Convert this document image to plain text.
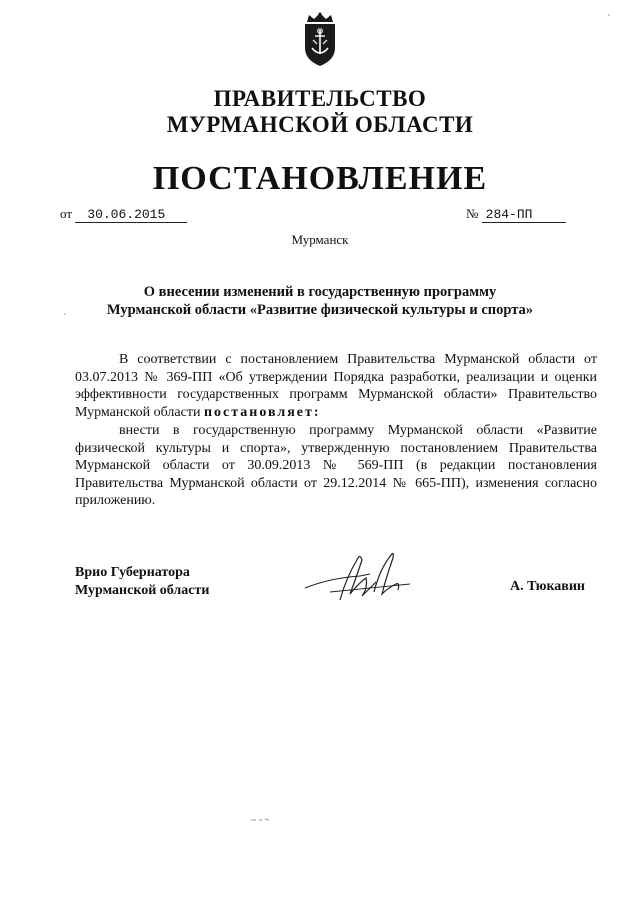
ПРАВИТЕЛЬСТВО
МУРМАНСКОЙ ОБЛАСТИ
ПОСТАНОВЛЕНИЕ
от 30.06.2015	№ 284-ПП
Мурманск
О внесении изменений в государственную программу
Мурманской области «Развитие физической культуры и спорта»
В соответствии с постановлением Правительства Мурманской области от 03.07.2013 № 369-ПП «Об утверждении Порядка разработки, реализации и оценки эффективности государственных программ Мурманской области» Правительство Мурманской области постановляет:
внести в государственную программу Мурманской области «Развитие физической культуры и спорта», утвержденную постановлением Правительства Мурманской области от 30.09.2013 № 569-ПП (в редакции постановления Правительства Мурманской области от 29.12.2014 № 665-ПП), изменения согласно приложению.
Врио Губернатора
Мурманской области	А. Тюкавин
